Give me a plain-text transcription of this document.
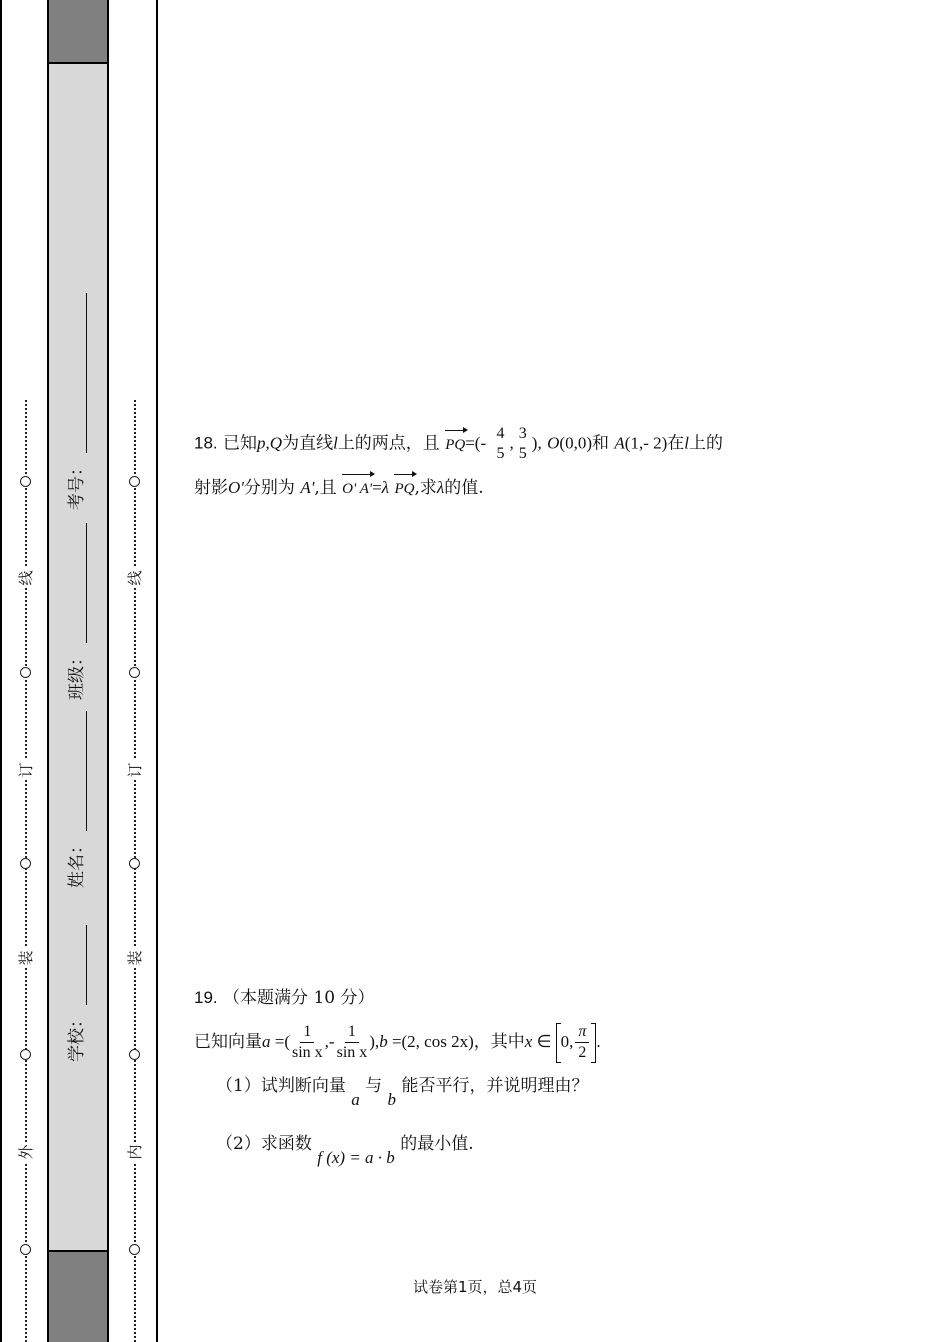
线
订
装
外
考号：
班级：
姓名：
学校：
线
订
装
内
18. 已知p,Q为直线l上的两点，且 PQ=(- 4
5
, 3
5
), O(0,0)和 A(1,- 2)在l上的
射影O'分别为 A',且 O' A'=λ PQ,求λ的值.
19. （本题满分 10 分）
已知向量a =( $\frac{1}{\text{sin x}}$ ,- $\frac{1}{\text{sin x}} ),b =(2$, cos 2x)，其中x ∈ 0, $\frac{\pi}{2}$ .
（1）试判断向量 a 与 b 能否平行，并说明理由？
（2）求函数 f (x) = a · b 的最小值.
试卷第1页，总4页
